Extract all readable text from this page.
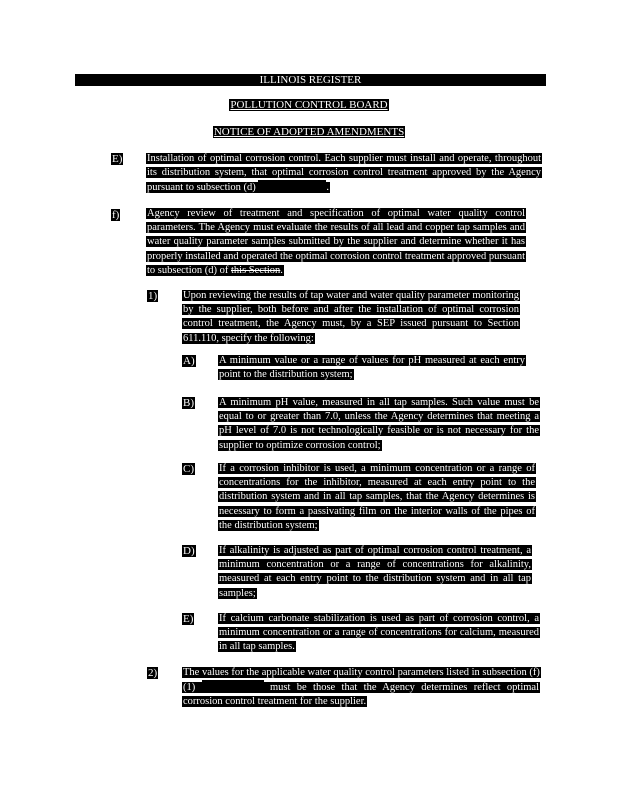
ILLINOIS REGISTER
POLLUTION CONTROL BOARD
NOTICE OF ADOPTED AMENDMENTS
E) Installation of optimal corrosion control. Each supplier must install and operate, throughout its distribution system, that optimal corrosion control treatment approved by the Agency pursuant to subsection (d)	.
f)	Agency review of treatment and specification of optimal water quality control parameters. The Agency must evaluate the results of all lead and copper tap samples and water quality parameter samples submitted by the supplier and determine whether it has properly installed and operated the optimal corrosion control treatment approved pursuant to subsection (d) of this Section.
1) Upon reviewing the results of tap water and water quality parameter monitoring by the supplier, both before and after the installation of optimal corrosion control treatment, the Agency must, by a SEP issued pursuant to Section 611.110, specify the following:
A) A minimum value or a range of values for pH measured at each entry point to the distribution system;
B) A minimum pH value, measured in all tap samples. Such value must be equal to or greater than 7.0, unless the Agency determines that meeting a pH level of 7.0 is not technologically feasible or is not necessary for the supplier to optimize corrosion control;
C) If a corrosion inhibitor is used, a minimum concentration or a range of concentrations for the inhibitor, measured at each entry point to the distribution system and in all tap samples, that the Agency determines is necessary to form a passivating film on the interior walls of the pipes of the distribution system;
D) If alkalinity is adjusted as part of optimal corrosion control treatment, a minimum concentration or a range of concentrations for alkalinity, measured at each entry point to the distribution system and in all tap samples;
E) If calcium carbonate stabilization is used as part of corrosion control, a minimum concentration or a range of concentrations for calcium, measured in all tap samples.
2) The values for the applicable water quality control parameters listed in subsection (f)(1)	must be those that the Agency determines reflect optimal corrosion control treatment for the supplier.
